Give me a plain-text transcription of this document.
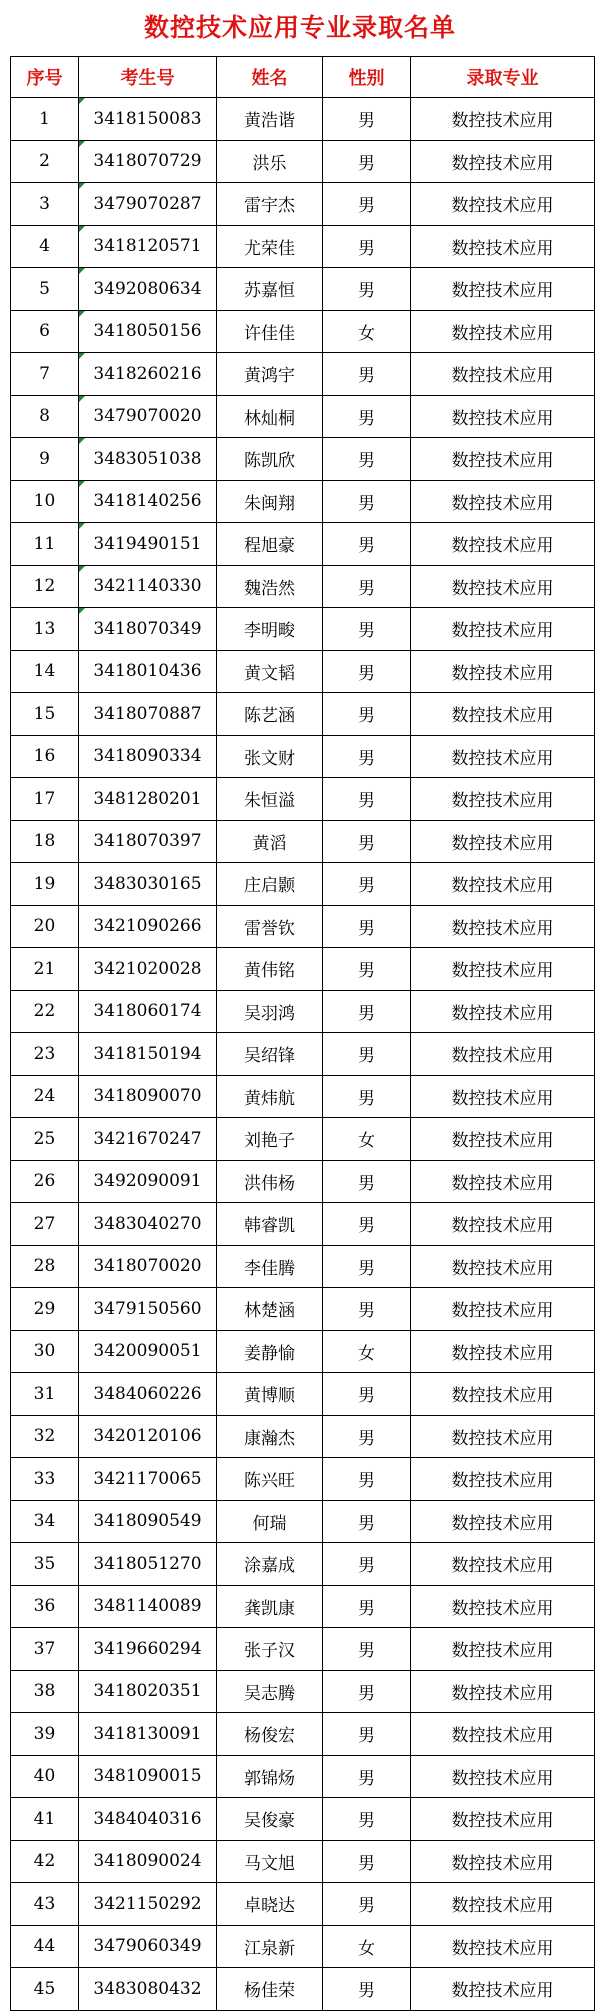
数控技术应用专业录取名单
序号	考生号	姓名	性别	录取专业
1	3418150083	黄浩谐	男	数控技术应用
2	3418070729	洪乐	男	数控技术应用
3	3479070287	雷宇杰	男	数控技术应用
4	3418120571	尤荣佳	男	数控技术应用
5	3492080634	苏嘉恒	男	数控技术应用
6	3418050156	许佳佳	女	数控技术应用
7	3418260216	黄鸿宇	男	数控技术应用
8	3479070020	林灿桐	男	数控技术应用
9	3483051038	陈凯欣	男	数控技术应用
10	3418140256	朱闽翔	男	数控技术应用
11	3419490151	程旭豪	男	数控技术应用
12	3421140330	魏浩然	男	数控技术应用
13	3418070349	李明畯	男	数控技术应用
14	3418010436	黄文韬	男	数控技术应用
15	3418070887	陈艺涵	男	数控技术应用
16	3418090334	张文财	男	数控技术应用
17	3481280201	朱恒溢	男	数控技术应用
18	3418070397	黄滔	男	数控技术应用
19	3483030165	庄启颢	男	数控技术应用
20	3421090266	雷誉钦	男	数控技术应用
21	3421020028	黄伟铭	男	数控技术应用
22	3418060174	吴羽鸿	男	数控技术应用
23	3418150194	吴绍锋	男	数控技术应用
24	3418090070	黄炜航	男	数控技术应用
25	3421670247	刘艳子	女	数控技术应用
26	3492090091	洪伟杨	男	数控技术应用
27	3483040270	韩睿凯	男	数控技术应用
28	3418070020	李佳腾	男	数控技术应用
29	3479150560	林楚涵	男	数控技术应用
30	3420090051	姜静愉	女	数控技术应用
31	3484060226	黄博顺	男	数控技术应用
32	3420120106	康瀚杰	男	数控技术应用
33	3421170065	陈兴旺	男	数控技术应用
34	3418090549	何瑞	男	数控技术应用
35	3418051270	涂嘉成	男	数控技术应用
36	3481140089	龚凯康	男	数控技术应用
37	3419660294	张子汉	男	数控技术应用
38	3418020351	吴志腾	男	数控技术应用
39	3418130091	杨俊宏	男	数控技术应用
40	3481090015	郭锦炀	男	数控技术应用
41	3484040316	吴俊豪	男	数控技术应用
42	3418090024	马文旭	男	数控技术应用
43	3421150292	卓晓达	男	数控技术应用
44	3479060349	江泉新	女	数控技术应用
45	3483080432	杨佳荣	男	数控技术应用
